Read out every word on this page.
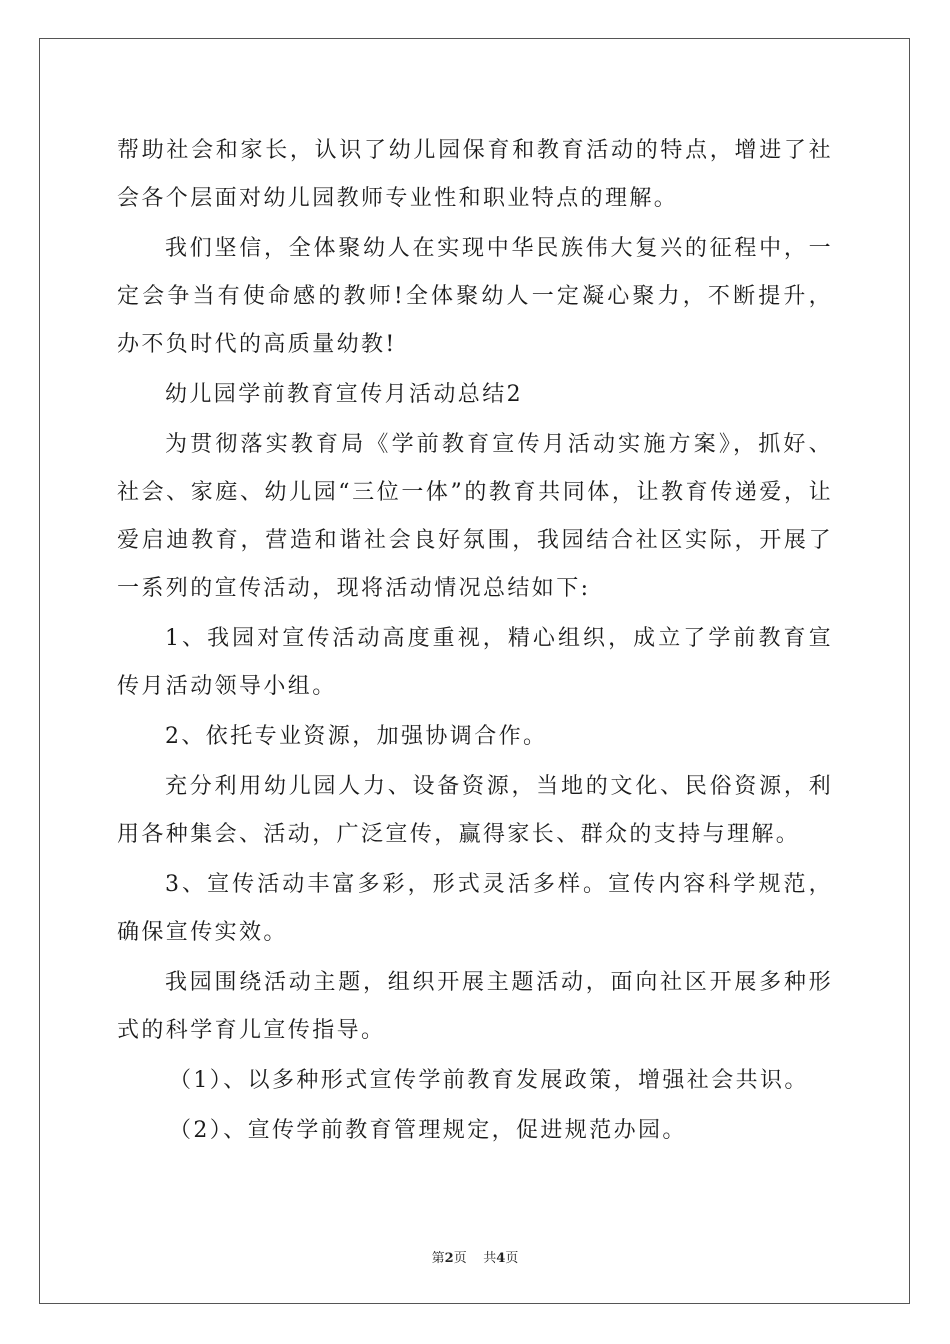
帮助社会和家长，认识了幼儿园保育和教育活动的特点，增进了社会各个层面对幼儿园教师专业性和职业特点的理解。

我们坚信，全体聚幼人在实现中华民族伟大复兴的征程中，一定会争当有使命感的教师!全体聚幼人一定凝心聚力，不断提升，办不负时代的高质量幼教!

幼儿园学前教育宣传月活动总结2

为贯彻落实教育局《学前教育宣传月活动实施方案》，抓好、社会、家庭、幼儿园“三位一体”的教育共同体，让教育传递爱，让爱启迪教育，营造和谐社会良好氛围，我园结合社区实际，开展了一系列的宣传活动，现将活动情况总结如下:

1、我园对宣传活动高度重视，精心组织，成立了学前教育宣传月活动领导小组。

2、依托专业资源，加强协调合作。

充分利用幼儿园人力、设备资源，当地的文化、民俗资源，利用各种集会、活动，广泛宣传，赢得家长、群众的支持与理解。

3、宣传活动丰富多彩，形式灵活多样。宣传内容科学规范，确保宣传实效。

我园围绕活动主题，组织开展主题活动，面向社区开展多种形式的科学育儿宣传指导。

（1）、以多种形式宣传学前教育发展政策，增强社会共识。

（2）、宣传学前教育管理规定，促进规范办园。

第2页 共4页
